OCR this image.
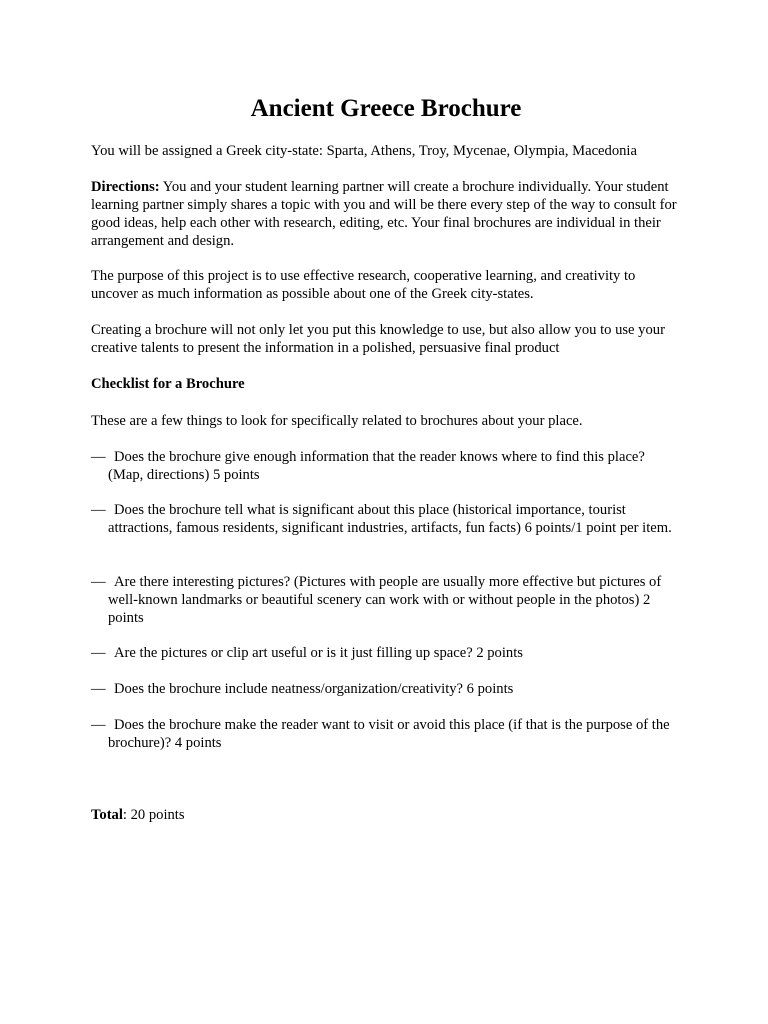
Ancient Greece Brochure

You will be assigned a Greek city-state: Sparta, Athens, Troy, Mycenae, Olympia, Macedonia

Directions: You and your student learning partner will create a brochure individually. Your student learning partner simply shares a topic with you and will be there every step of the way to consult for good ideas, help each other with research, editing, etc. Your final brochures are individual in their arrangement and design.

The purpose of this project is to use effective research, cooperative learning, and creativity to uncover as much information as possible about one of the Greek city-states.

Creating a brochure will not only let you put this knowledge to use, but also allow you to use your creative talents to present the information in a polished, persuasive final product

Checklist for a Brochure

These are a few things to look for specifically related to brochures about your place.

— Does the brochure give enough information that the reader knows where to find this place? (Map, directions) 5 points

— Does the brochure tell what is significant about this place (historical importance, tourist attractions, famous residents, significant industries, artifacts, fun facts) 6 points/1 point per item.

— Are there interesting pictures? (Pictures with people are usually more effective but pictures of well-known landmarks or beautiful scenery can work with or without people in the photos) 2 points

— Are the pictures or clip art useful or is it just filling up space? 2 points

— Does the brochure include neatness/organization/creativity? 6 points

— Does the brochure make the reader want to visit or avoid this place (if that is the purpose of the brochure)? 4 points

Total: 20 points
